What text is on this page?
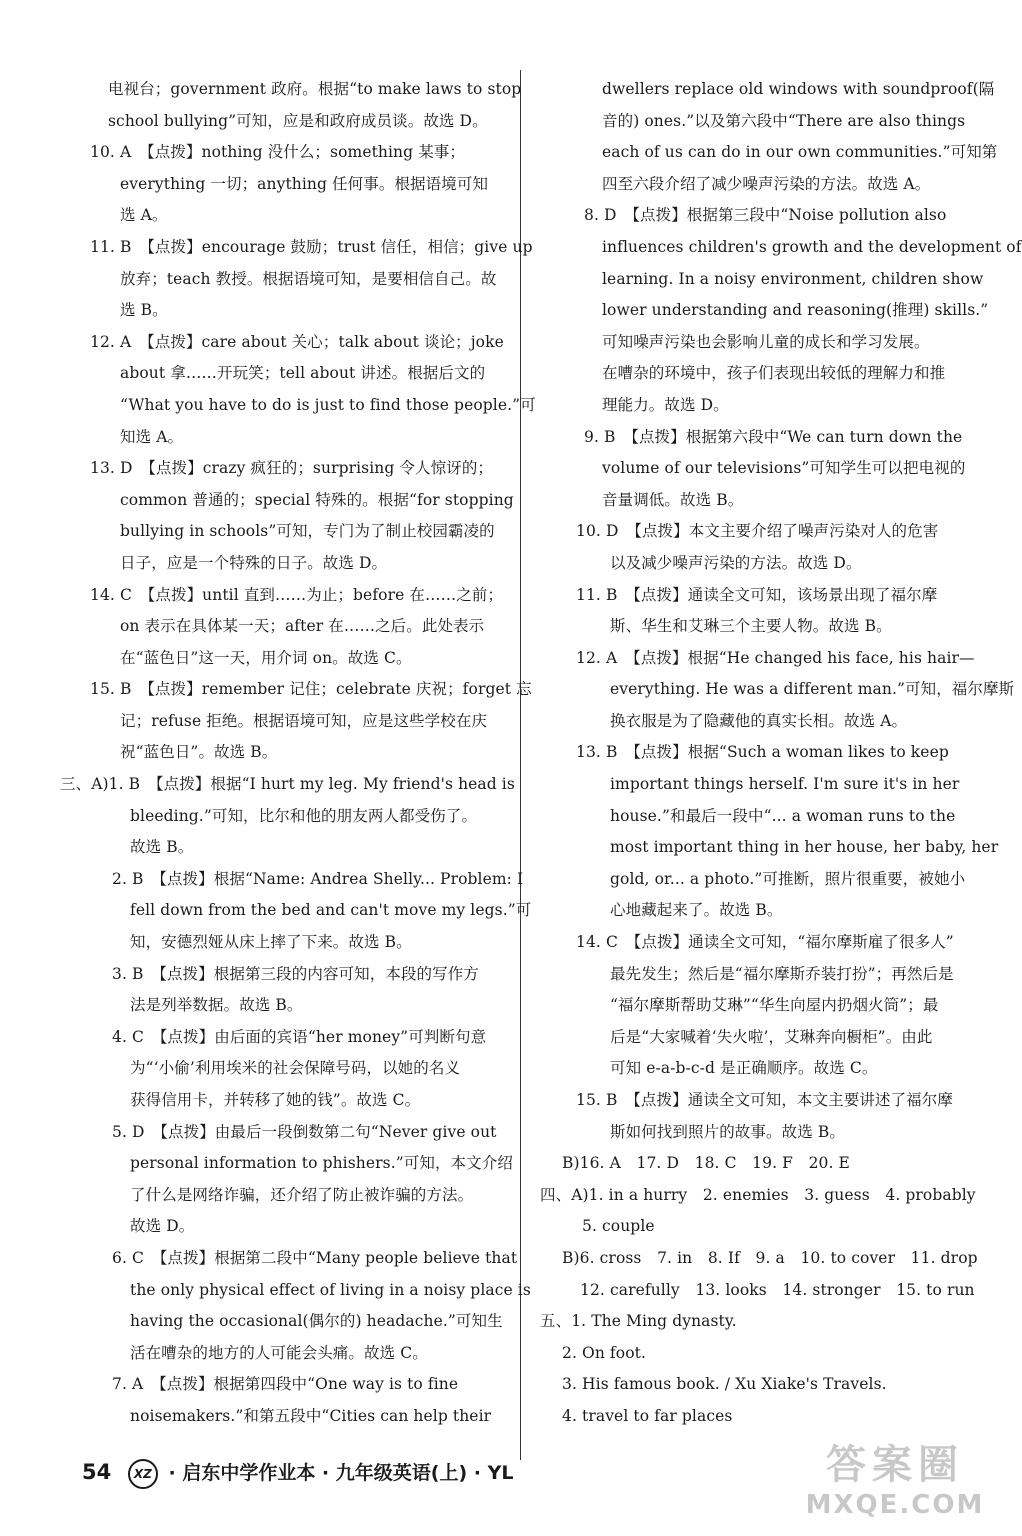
电视台；government 政府。根据“to make laws to stop
school bullying”可知，应是和政府成员谈。故选 D。
10. A　【点拨】nothing 没什么；something 某事；
everything 一切；anything 任何事。根据语境可知
选 A。
11. B　【点拨】encourage 鼓励；trust 信任，相信；give up
放弃；teach 教授。根据语境可知，是要相信自己。故
选 B。
12. A　【点拨】care about 关心；talk about 谈论；joke
about 拿……开玩笑；tell about 讲述。根据后文的
“What you have to do is just to find those people.”可
知选 A。
13. D　【点拨】crazy 疯狂的；surprising 令人惊讶的；
common 普通的；special 特殊的。根据“for stopping
bullying in schools”可知，专门为了制止校园霸凌的
日子，应是一个特殊的日子。故选 D。
14. C　【点拨】until 直到……为止；before 在……之前；
on 表示在具体某一天；after 在……之后。此处表示
在“蓝色日”这一天，用介词 on。故选 C。
15. B　【点拨】remember 记住；celebrate 庆祝；forget 忘
记；refuse 拒绝。根据语境可知，应是这些学校在庆
祝“蓝色日”。故选 B。
三、A)1. B　【点拨】根据“I hurt my leg. My friend's head is
bleeding.”可知，比尔和他的朋友两人都受伤了。
故选 B。
2. B　【点拨】根据“Name: Andrea Shelly... Problem: I
fell down from the bed and can't move my legs.”可
知，安德烈娅从床上摔了下来。故选 B。
3. B　【点拨】根据第三段的内容可知，本段的写作方
法是列举数据。故选 B。
4. C　【点拨】由后面的宾语“her money”可判断句意
为“‘小偷’利用埃米的社会保障号码，以她的名义
获得信用卡，并转移了她的钱”。故选 C。
5. D　【点拨】由最后一段倒数第二句“Never give out
personal information to phishers.”可知，本文介绍
了什么是网络诈骗，还介绍了防止被诈骗的方法。
故选 D。
6. C　【点拨】根据第二段中“Many people believe that
the only physical effect of living in a noisy place is
having the occasional(偶尔的) headache.”可知生
活在嘈杂的地方的人可能会头痛。故选 C。
7. A　【点拨】根据第四段中“One way is to fine
noisemakers.”和第五段中“Cities can help their
dwellers replace old windows with soundproof(隔
音的) ones.”以及第六段中“There are also things
each of us can do in our own communities.”可知第
四至六段介绍了减少噪声污染的方法。故选 A。
8. D　【点拨】根据第三段中“Noise pollution also
influences children's growth and the development of
learning. In a noisy environment, children show
lower understanding and reasoning(推理) skills.”
可知噪声污染也会影响儿童的成长和学习发展。
在嘈杂的环境中，孩子们表现出较低的理解力和推
理能力。故选 D。
9. B　【点拨】根据第六段中“We can turn down the
volume of our televisions”可知学生可以把电视的
音量调低。故选 B。
10. D　【点拨】本文主要介绍了噪声污染对人的危害
以及减少噪声污染的方法。故选 D。
11. B　【点拨】通读全文可知，该场景出现了福尔摩
斯、华生和艾琳三个主要人物。故选 B。
12. A　【点拨】根据“He changed his face, his hair—
everything. He was a different man.”可知，福尔摩斯
换衣服是为了隐藏他的真实长相。故选 A。
13. B　【点拨】根据“Such a woman likes to keep
important things herself. I'm sure it's in her
house.”和最后一段中“... a woman runs to the
most important thing in her house, her baby, her
gold, or... a photo.”可推断，照片很重要，被她小
心地藏起来了。故选 B。
14. C　【点拨】通读全文可知，“福尔摩斯雇了很多人”
最先发生；然后是“福尔摩斯乔装打扮”；再然后是
“福尔摩斯帮助艾琳”“华生向屋内扔烟火筒”；最
后是“大家喊着‘失火啦’，艾琳奔向橱柜”。由此
可知 e-a-b-c-d 是正确顺序。故选 C。
15. B　【点拨】通读全文可知，本文主要讲述了福尔摩
斯如何找到照片的故事。故选 B。
B)16. A　17. D　18. C　19. F　20. E
四、A)1. in a hurry　2. enemies　3. guess　4. probably
5. couple
B)6. cross　7. in　8. If　9. a　10. to cover　11. drop
12. carefully　13. looks　14. stronger　15. to run
五、1. The Ming dynasty.
2. On foot.
3. His famous book. / Xu Xiake's Travels.
4. travel to far places
54 XZ · 启东中学作业本 · 九年级英语(上) · YL	答案圈
MXQE.COM
